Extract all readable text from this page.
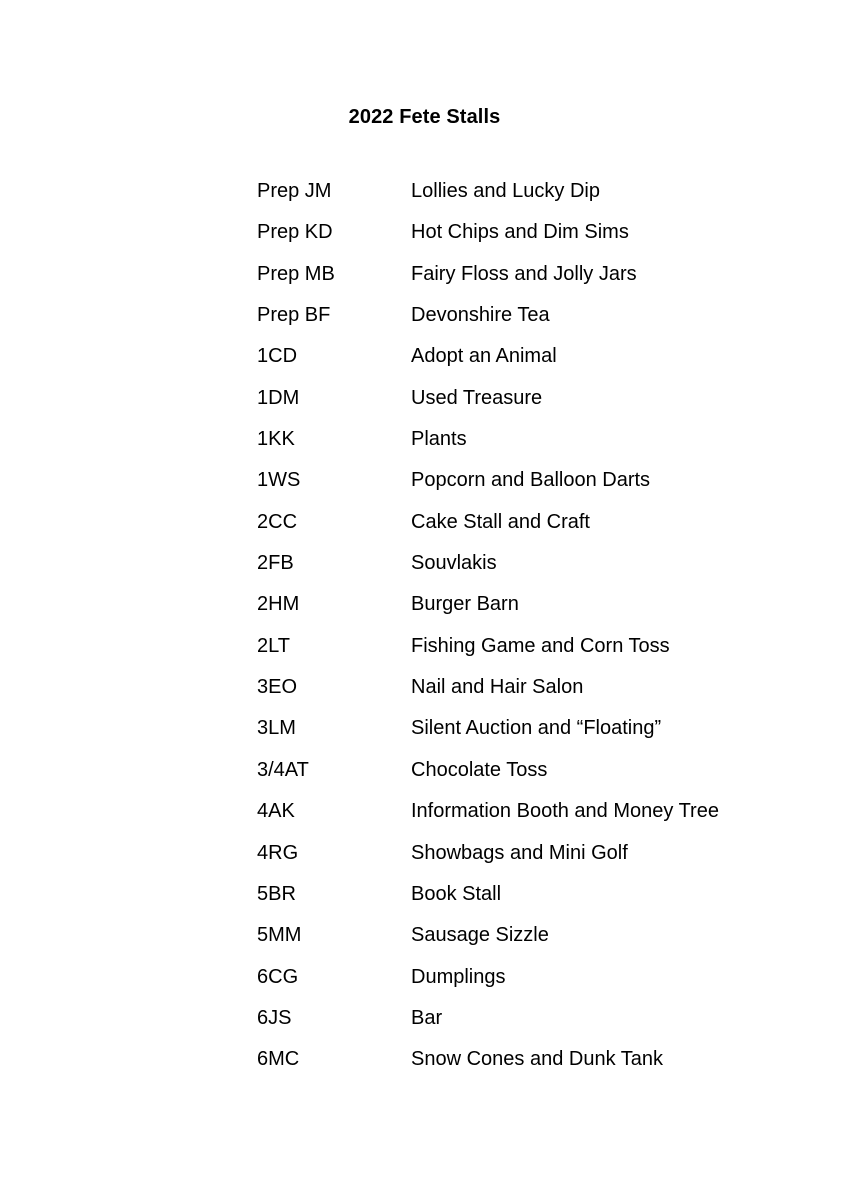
2022 Fete Stalls
Prep JM	Lollies and Lucky Dip
Prep KD	Hot Chips and Dim Sims
Prep MB	Fairy Floss and Jolly Jars
Prep BF	Devonshire Tea
1CD	Adopt an Animal
1DM	Used Treasure
1KK	Plants
1WS	Popcorn and Balloon Darts
2CC	Cake Stall and Craft
2FB	Souvlakis
2HM	Burger Barn
2LT	Fishing Game and Corn Toss
3EO	Nail and Hair Salon
3LM	Silent Auction and “Floating”
3/4AT	Chocolate Toss
4AK	Information Booth and Money Tree
4RG	Showbags and Mini Golf
5BR	Book Stall
5MM	Sausage Sizzle
6CG	Dumplings
6JS	Bar
6MC	Snow Cones and Dunk Tank
